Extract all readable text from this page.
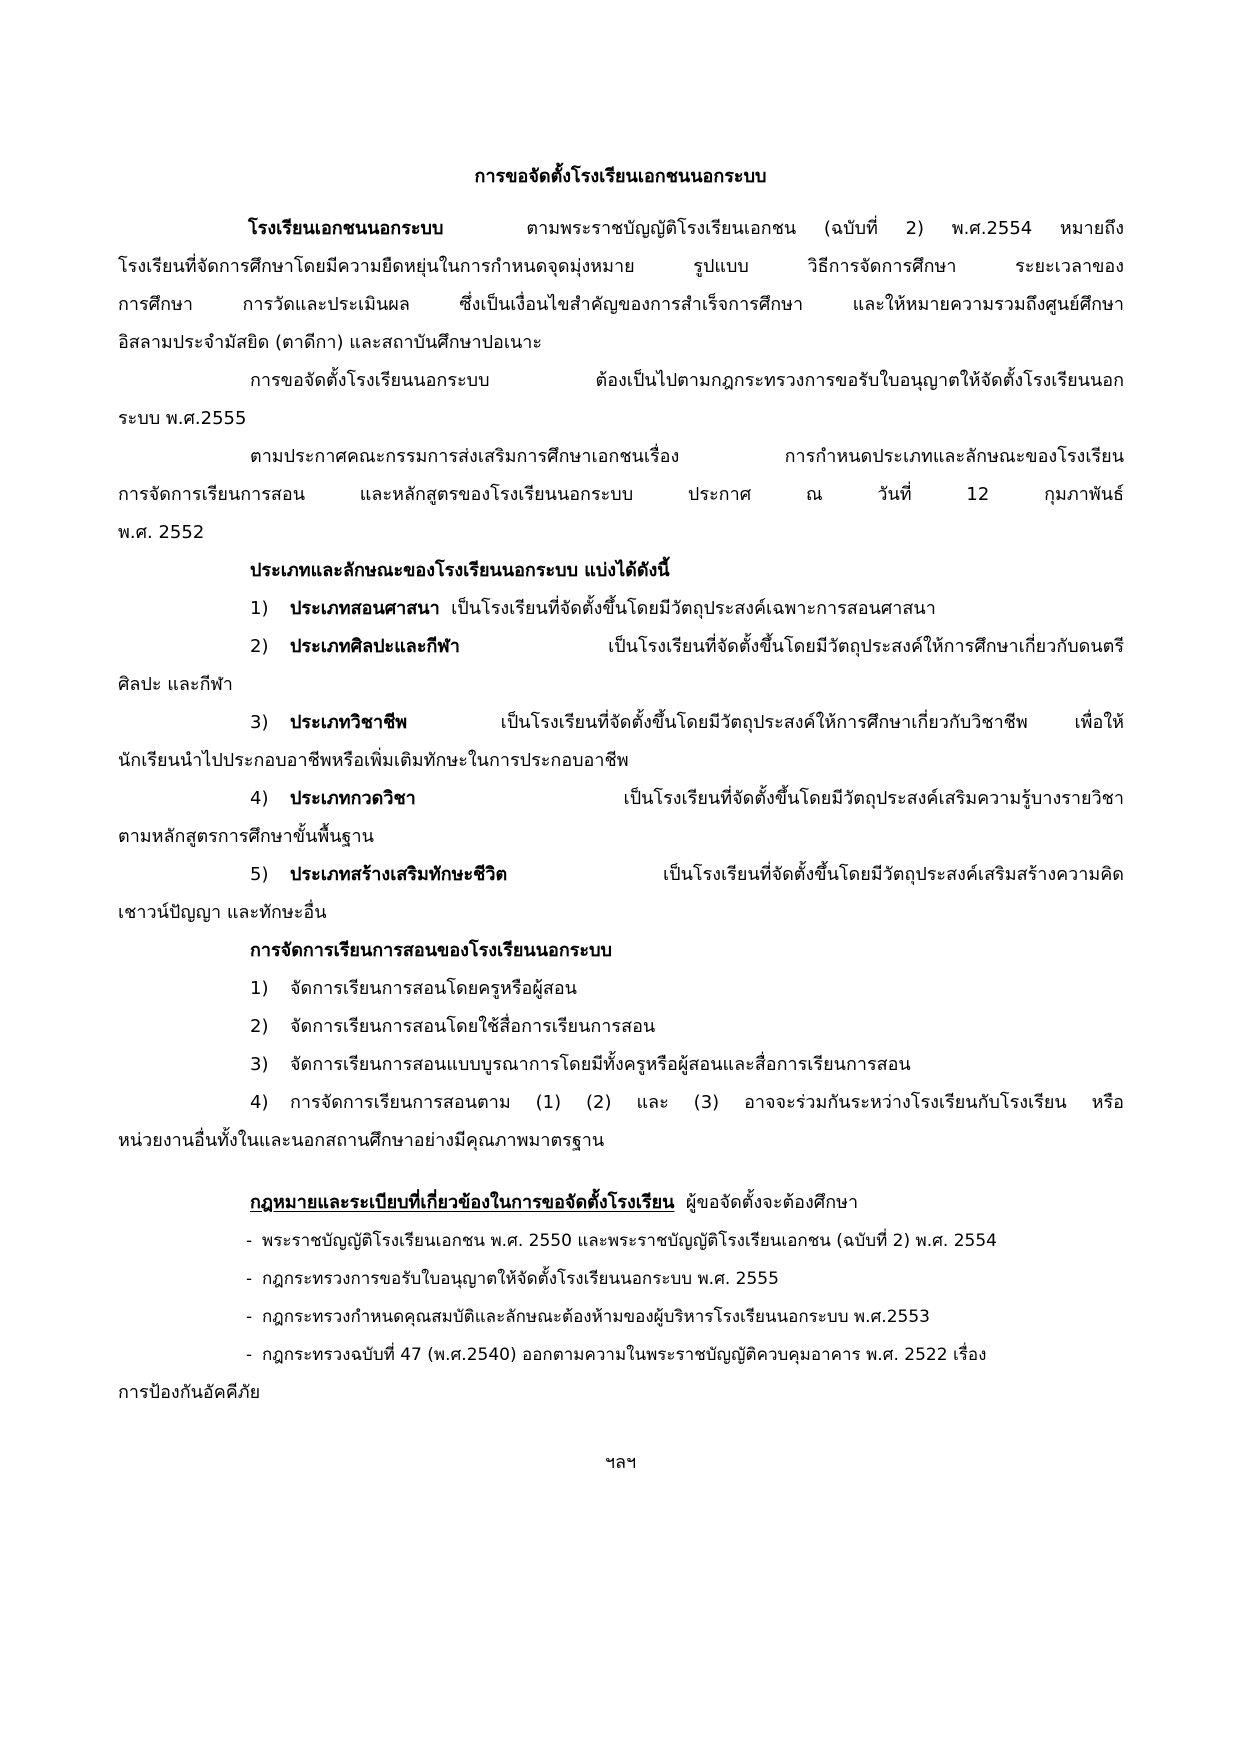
การขอจัดตั้งโรงเรียนเอกชนนอกระบบ
โรงเรียนเอกชนนอกระบบ	ตามพระราชบัญญัติโรงเรียนเอกชน (ฉบับที่ 2) พ.ศ.2554 หมายถึง
โรงเรียนที่จัดการศึกษาโดยมีความยืดหยุ่นในการกำหนดจุดมุ่งหมาย รูปแบบ วิธีการจัดการศึกษา ระยะเวลาของ
การศึกษา การวัดและประเมินผล ซึ่งเป็นเงื่อนไขสำคัญของการสำเร็จการศึกษา และให้หมายความรวมถึงศูนย์ศึกษา
อิสลามประจำมัสยิด (ตาดีกา) และสถาบันศึกษาปอเนาะ
การขอจัดตั้งโรงเรียนนอกระบบ ต้องเป็นไปตามกฎกระทรวงการขอรับใบอนุญาตให้จัดตั้งโรงเรียนนอก
ระบบ พ.ศ.2555
ตามประกาศคณะกรรมการส่งเสริมการศึกษาเอกชนเรื่อง การกำหนดประเภทและลักษณะของโรงเรียน
การจัดการเรียนการสอน และหลักสูตรของโรงเรียนนอกระบบ ประกาศ ณ วันที่ 12 กุมภาพันธ์
พ.ศ. 2552
ประเภทและลักษณะของโรงเรียนนอกระบบ แบ่งได้ดังนี้
1) ประเภทสอนศาสนา เป็นโรงเรียนที่จัดตั้งขึ้นโดยมีวัตถุประสงค์เฉพาะการสอนศาสนา
2) ประเภทศิลปะและกีฬา	เป็นโรงเรียนที่จัดตั้งขึ้นโดยมีวัตถุประสงค์ให้การศึกษาเกี่ยวกับดนตรี
ศิลปะ และกีฬา
3) ประเภทวิชาชีพ	เป็นโรงเรียนที่จัดตั้งขึ้นโดยมีวัตถุประสงค์ให้การศึกษาเกี่ยวกับวิชาชีพ เพื่อให้
นักเรียนนำไปประกอบอาชีพหรือเพิ่มเติมทักษะในการประกอบอาชีพ
4) ประเภทกวดวิชา	เป็นโรงเรียนที่จัดตั้งขึ้นโดยมีวัตถุประสงค์เสริมความรู้บางรายวิชา
ตามหลักสูตรการศึกษาขั้นพื้นฐาน
5) ประเภทสร้างเสริมทักษะชีวิต	เป็นโรงเรียนที่จัดตั้งขึ้นโดยมีวัตถุประสงค์เสริมสร้างความคิด
เชาวน์ปัญญา และทักษะอื่น
การจัดการเรียนการสอนของโรงเรียนนอกระบบ
1) จัดการเรียนการสอนโดยครูหรือผู้สอน
2) จัดการเรียนการสอนโดยใช้สื่อการเรียนการสอน
3) จัดการเรียนการสอนแบบบูรณาการโดยมีทั้งครูหรือผู้สอนและสื่อการเรียนการสอน
4) การจัดการเรียนการสอนตาม (1) (2) และ (3) อาจจะร่วมกันระหว่างโรงเรียนกับโรงเรียน หรือ
หน่วยงานอื่นทั้งในและนอกสถานศึกษาอย่างมีคุณภาพมาตรฐาน
กฎหมายและระเบียบที่เกี่ยวข้องในการขอจัดตั้งโรงเรียน ผู้ขอจัดตั้งจะต้องศึกษา
- พระราชบัญญัติโรงเรียนเอกชน พ.ศ. 2550 และพระราชบัญญัติโรงเรียนเอกชน (ฉบับที่ 2) พ.ศ. 2554
- กฎกระทรวงการขอรับใบอนุญาตให้จัดตั้งโรงเรียนนอกระบบ พ.ศ. 2555
- กฎกระทรวงกำหนดคุณสมบัติและลักษณะต้องห้ามของผู้บริหารโรงเรียนนอกระบบ พ.ศ.2553
- กฎกระทรวงฉบับที่ 47 (พ.ศ.2540) ออกตามความในพระราชบัญญัติควบคุมอาคาร พ.ศ. 2522 เรื่อง
การป้องกันอัคคีภัย
ฯลฯ
